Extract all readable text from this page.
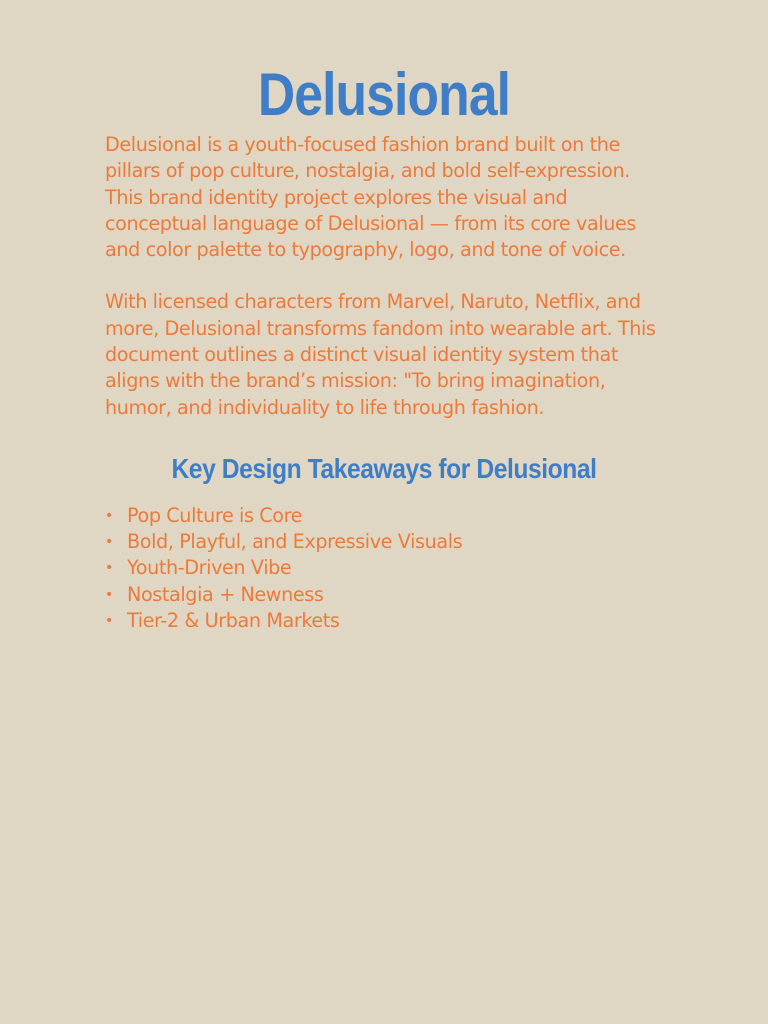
Delusional

Delusional is a youth-focused fashion brand built on the pillars of pop culture, nostalgia, and bold self-expression. This brand identity project explores the visual and conceptual language of Delusional — from its core values and color palette to typography, logo, and tone of voice.

With licensed characters from Marvel, Naruto, Netflix, and more, Delusional transforms fandom into wearable art. This document outlines a distinct visual identity system that aligns with the brand’s mission: "To bring imagination, humor, and individuality to life through fashion.

Key Design Takeaways for Delusional
• Pop Culture is Core
• Bold, Playful, and Expressive Visuals
• Youth-Driven Vibe
• Nostalgia + Newness
• Tier-2 & Urban Markets
